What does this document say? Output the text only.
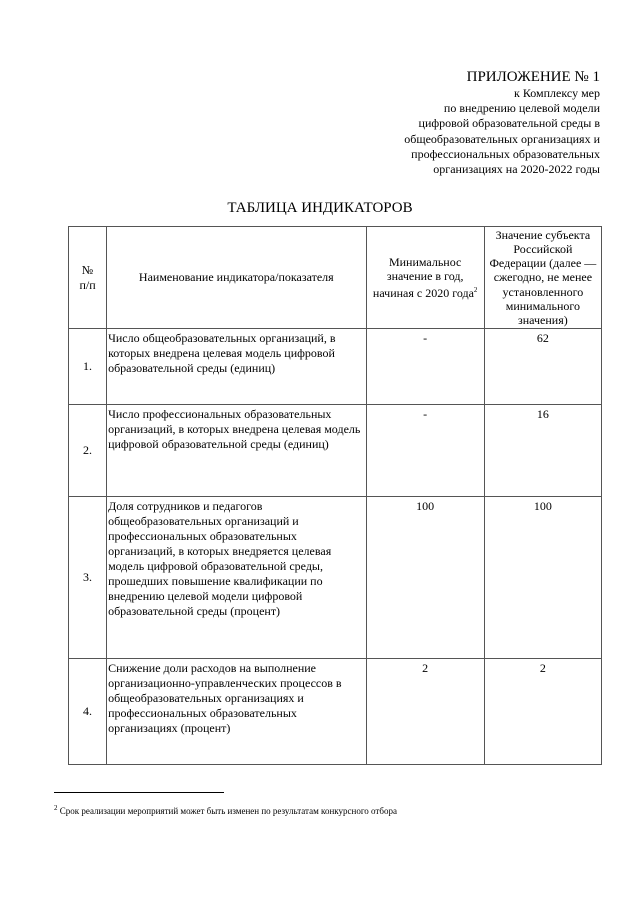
ПРИЛОЖЕНИЕ № 1
к Комплексу мер
по внедрению целевой модели
цифровой образовательной среды в
общеобразовательных организациях и
профессиональных образовательных
организациях на 2020-2022 годы
ТАБЛИЦА ИНДИКАТОРОВ
№ п/п	Наименование индикатора/показателя	Минимальнос значение в год, начиная с 2020 года$^2$	Значение субъекта Российской Федерации (далее — сжегодно, не менее установленного минимального значения)
1.	Число общеобразовательных организаций, в которых внедрена целевая модель цифровой образовательной среды (единиц)	-	62
2.	Число профессиональных образовательных организаций, в которых внедрена целевая модель цифровой образовательной среды (единиц)	-	16
3.	Доля сотрудников и педагогов общеобразовательных организаций и профессиональных образовательных организаций, в которых внедряется целевая модель цифровой образовательной среды, прошедших повышение квалификации по внедрению целевой модели цифровой образовательной среды (процент)	100	100
4.	Снижение доли расходов на выполнение организационно-управленческих процессов в общеобразовательных организациях и профессиональных образовательных организациях (процент)	2	2
$^2$ Срок реализации мероприятий может быть изменен по результатам конкурсного отбора
